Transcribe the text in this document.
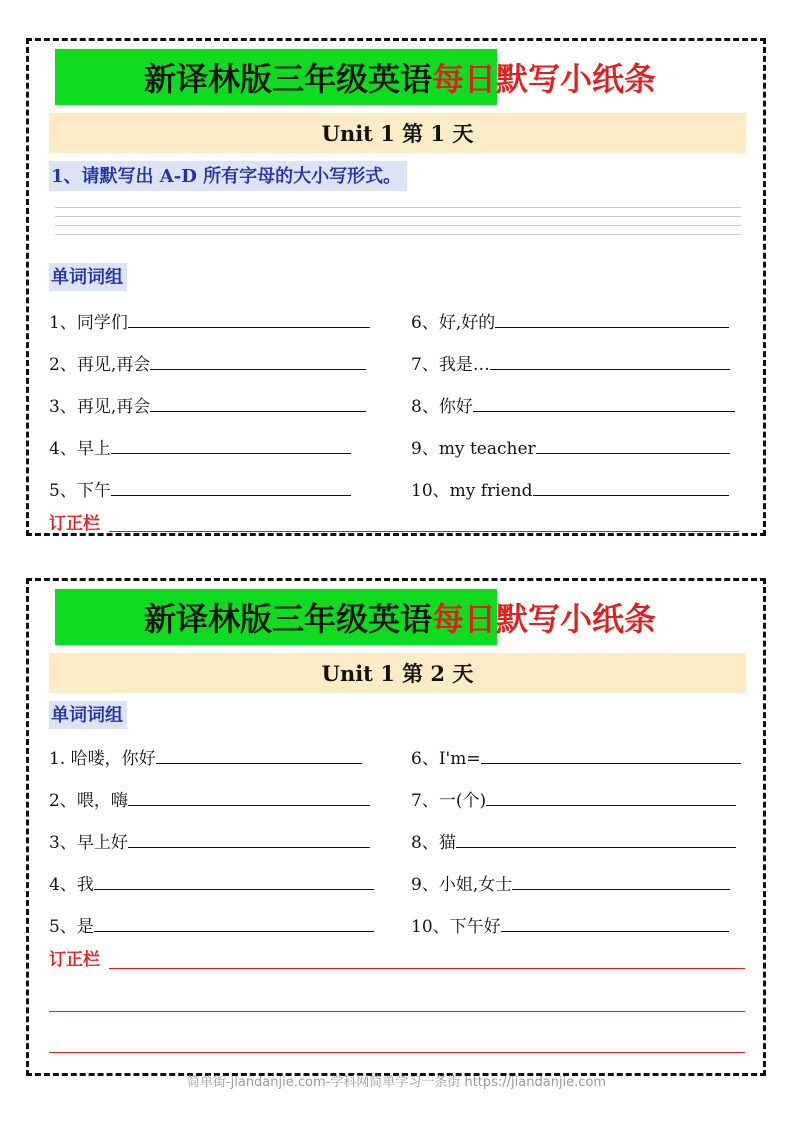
新译林版三年级英语每日默写小纸条
Unit 1 第 1 天
1、请默写出 A-D 所有字母的大小写形式。
单词词组
1、同学们
2、再见,再会
3、再见,再会
4、早上
5、下午
6、好,好的
7、我是…
8、你好
9、my teacher
10、my friend
订正栏
新译林版三年级英语每日默写小纸条
Unit 1 第 2 天
单词词组
1. 哈喽，你好
2、喂，嗨
3、早上好
4、我
5、是
6、I'm=
7、一(个)
8、猫
9、小姐,女士
10、下午好
订正栏
简单街-jiandanjie.com-学科网简单学习一条街 https://jiandanjie.com
